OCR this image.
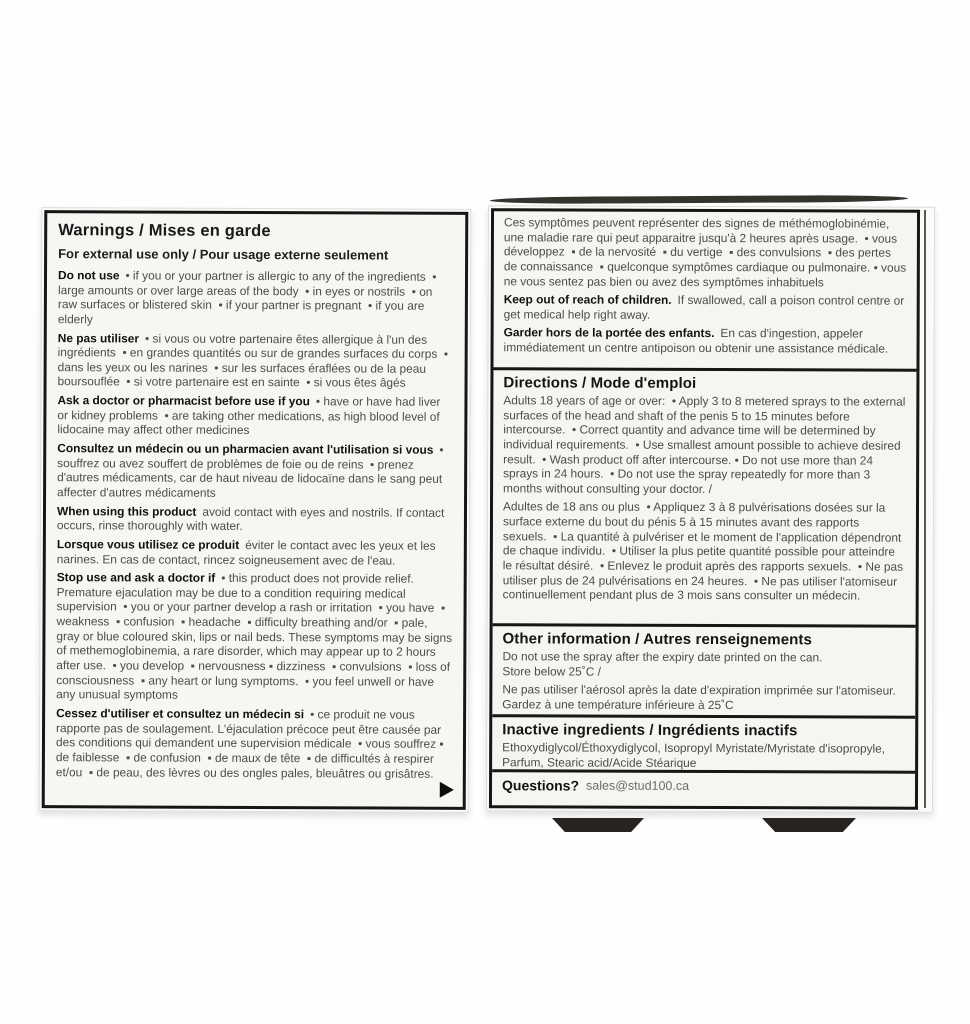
Warnings / Mises en garde
For external use only / Pour usage externe seulement

Do not use • if you or your partner is allergic to any of the ingredients  • large amounts or over large areas of the body  • in eyes or nostrils  • on raw surfaces or blistered skin  • if your partner is pregnant  • if you are elderly

Ne pas utiliser • si vous ou votre partenaire êtes allergique à l'un des ingrédients  • en grandes quantités ou sur de grandes surfaces du corps  • dans les yeux ou les narines  • sur les surfaces éraflées ou de la peau boursouflée  • si votre partenaire est en sainte  • si vous êtes âgés

Ask a doctor or pharmacist before use if you • have or have had liver or kidney problems  • are taking other medications, as high blood level of lidocaine may affect other medicines

Consultez un médecin ou un pharmacien avant l'utilisation si vous • souffrez ou avez souffert de problèmes de foie ou de reins  • prenez d'autres médicaments, car de haut niveau de lidocaïne dans le sang peut affecter d'autres médicaments

When using this product avoid contact with eyes and nostrils. If contact occurs, rinse thoroughly with water.

Lorsque vous utilisez ce produit éviter le contact avec les yeux et les narines. En cas de contact, rincez soigneusement avec de l'eau.

Stop use and ask a doctor if • this product does not provide relief. Premature ejaculation may be due to a condition requiring medical supervision  • you or your partner develop a rash or irritation  • you have  ▪ weakness  ▪ confusion  ▪ headache  ▪ difficulty breathing and/or  ▪ pale, gray or blue coloured skin, lips or nail beds. These symptoms may be signs of methemoglobinemia, a rare disorder, which may appear up to 2 hours after use.  • you develop  ▪ nervousness ▪ dizziness  ▪ convulsions  ▪ loss of consciousness  ▪ any heart or lung symptoms.  • you feel unwell or have any unusual symptoms

Cessez d'utiliser et consultez un médecin si • ce produit ne vous rapporte pas de soulagement. L'éjaculation précoce peut être causée par des conditions qui demandent une supervision médicale  • vous souffrez ▪ de faiblesse  ▪ de confusion  ▪ de maux de tête  ▪ de difficultés à respirer et/ou  ▪ de peau, des lèvres ou des ongles pales, bleuâtres ou grisâtres.

Ces symptômes peuvent représenter des signes de méthémoglobinémie, une maladie rare qui peut apparaitre jusqu'à 2 heures après usage.  • vous développez  ▪ de la nervosité  ▪ du vertige  ▪ des convulsions  ▪ des pertes de connaissance  ▪ quelconque symptômes cardiaque ou pulmonaire. • vous ne vous sentez pas bien ou avez des symptômes inhabituels

Keep out of reach of children. If swallowed, call a poison control centre or get medical help right away.

Garder hors de la portée des enfants. En cas d'ingestion, appeler immédiatement un centre antipoison ou obtenir une assistance médicale.

Directions / Mode d'emploi

Adults 18 years of age or over:  • Apply 3 to 8 metered sprays to the external surfaces of the head and shaft of the penis 5 to 15 minutes before intercourse.  • Correct quantity and advance time will be determined by individual requirements.  • Use smallest amount possible to achieve desired result.  • Wash product off after intercourse. • Do not use more than 24 sprays in 24 hours.  • Do not use the spray repeatedly for more than 3 months without consulting your doctor. /

Adultes de 18 ans ou plus  • Appliquez 3 à 8 pulvérisations dosées sur la surface externe du bout du pénis 5 à 15 minutes avant des rapports sexuels.  • La quantité à pulvériser et le moment de l'application dépendront de chaque individu.  • Utiliser la plus petite quantité possible pour atteindre le résultat désiré.  • Enlevez le produit après des rapports sexuels.  • Ne pas utiliser plus de 24 pulvérisations en 24 heures.  • Ne pas utiliser l'atomiseur continuellement pendant plus de 3 mois sans consulter un médecin.

Other information / Autres renseignements

Do not use the spray after the expiry date printed on the can.
Store below 25˚C /

Ne pas utiliser l'aérosol après la date d'expiration imprimée sur l'atomiseur. Gardez à une température inférieure à 25˚C

Inactive ingredients / Ingrédients inactifs

Ethoxydiglycol/Éthoxydiglycol, Isopropyl Myristate/Myristate d'isopropyle, Parfum, Stearic acid/Acide Stéarique

Questions? sales@stud100.ca
